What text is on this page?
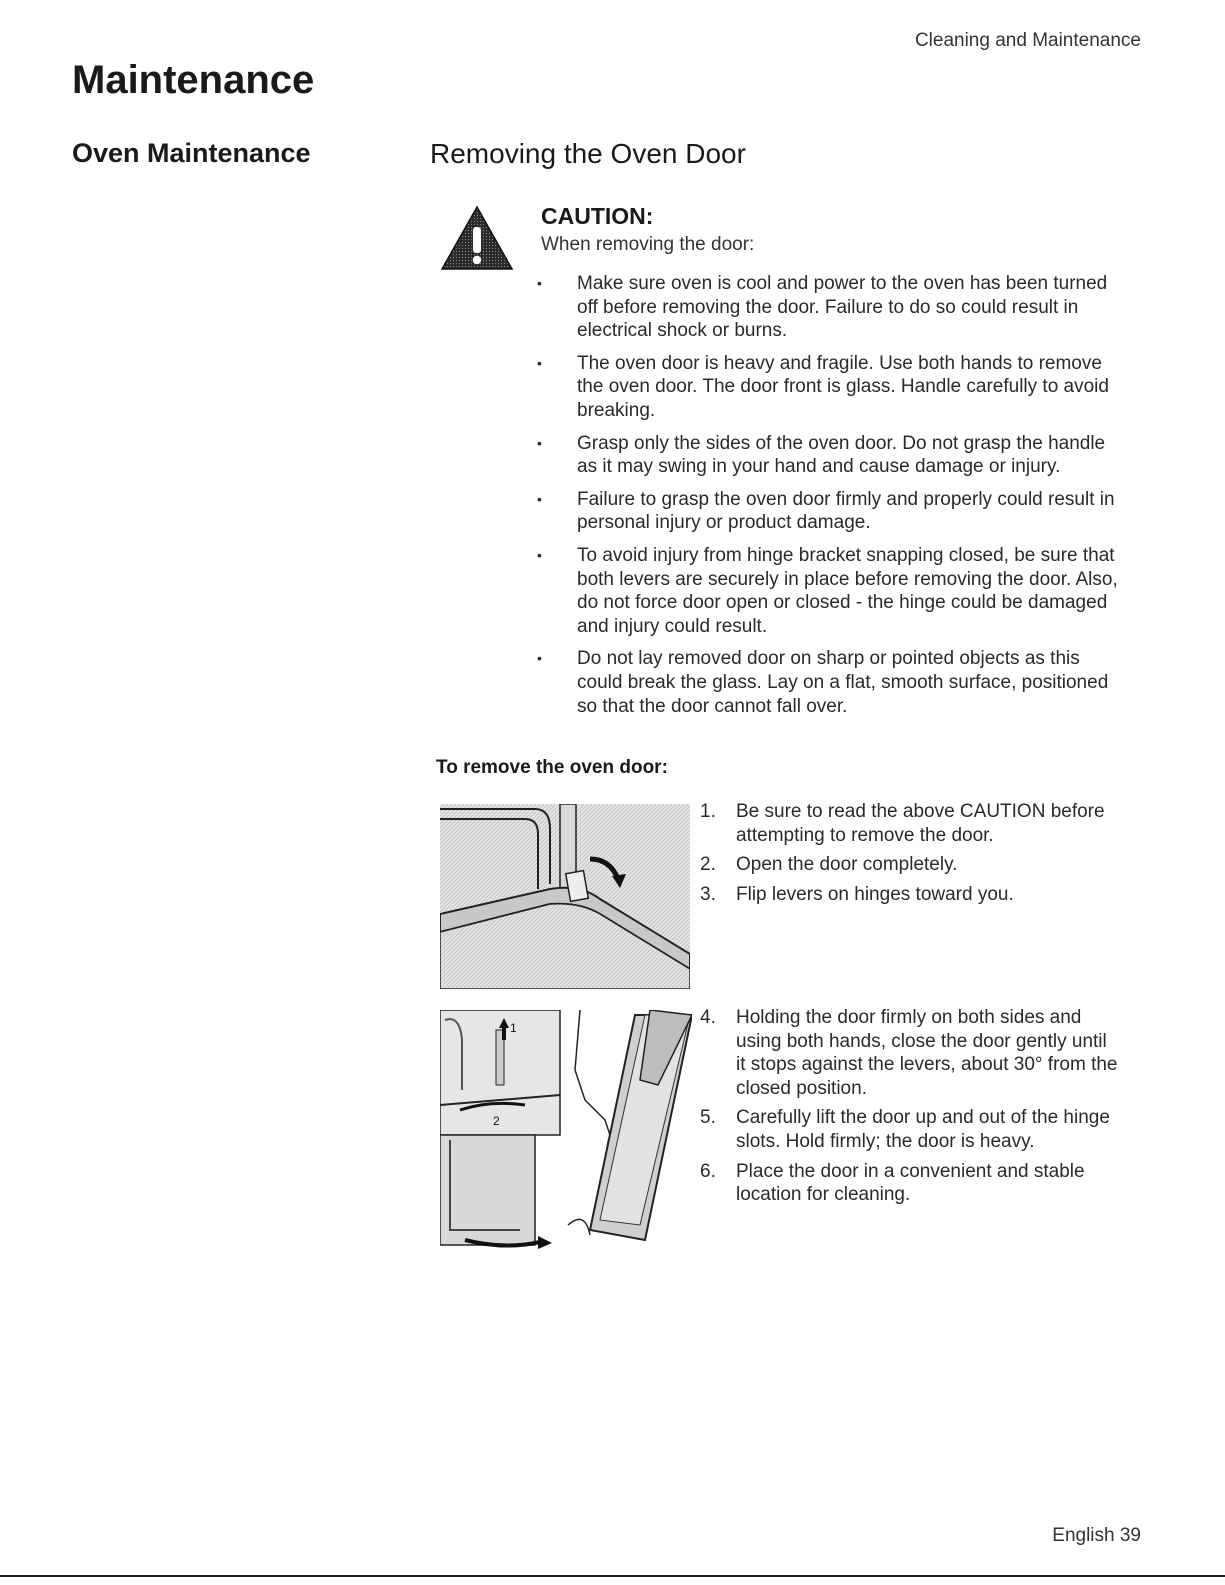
Cleaning and Maintenance
Maintenance
Oven Maintenance	Removing the Oven Door
CAUTION:
When removing the door:
• Make sure oven is cool and power to the oven has been turned off before removing the door. Failure to do so could result in electrical shock or burns.
• The oven door is heavy and fragile. Use both hands to remove the oven door. The door front is glass. Handle carefully to avoid breaking.
• Grasp only the sides of the oven door. Do not grasp the handle as it may swing in your hand and cause damage or injury.
• Failure to grasp the oven door firmly and properly could result in personal injury or product damage.
• To avoid injury from hinge bracket snapping closed, be sure that both levers are securely in place before removing the door. Also, do not force door open or closed - the hinge could be damaged and injury could result.
• Do not lay removed door on sharp or pointed objects as this could break the glass. Lay on a flat, smooth surface, positioned so that the door cannot fall over.
To remove the oven door:
1
2
1. Be sure to read the above CAUTION before attempting to remove the door.
2. Open the door completely.
3. Flip levers on hinges toward you.
4. Holding the door firmly on both sides and using both hands, close the door gently until it stops against the levers, about 30° from the closed position.
5. Carefully lift the door up and out of the hinge slots. Hold firmly; the door is heavy.
6. Place the door in a convenient and stable location for cleaning.
English 39
